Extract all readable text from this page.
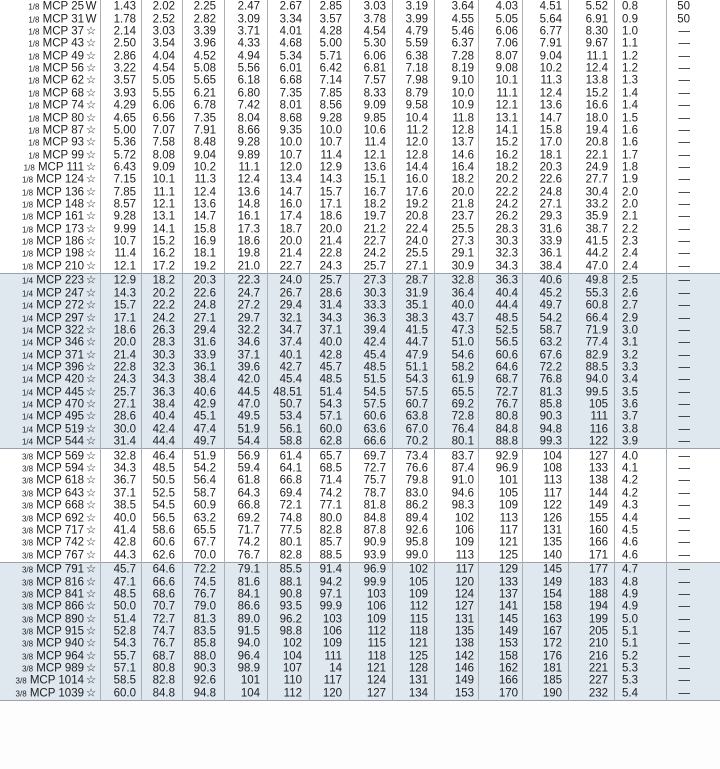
1/8 MCP 25 W 1.43 2.02 2.25 2.47 2.67 2.85 3.03 3.19 3.64 4.03 4.51 5.52 0.8	50
1/8 MCP 31 W 1.78 2.52 2.82 3.09 3.34 3.57 3.78 3.99 4.55 5.05 5.64 6.91 0.9	50
1/8 MCP 37 ☆ 2.14 3.03 3.39 3.71 4.01 4.28 4.54 4.79 5.46 6.06 6.77 8.30 1.0	—
1/8 MCP 43 ☆ 2.50 3.54 3.96 4.33 4.68 5.00 5.30 5.59 6.37 7.06 7.91 9.67 1.1	—
1/8 MCP 49 ☆ 2.86 4.04 4.52 4.94 5.34 5.71 6.06 6.38 7.28 8.07 9.04 11.1 1.2	—
1/8 MCP 56 ☆ 3.22 4.54 5.08 5.56 6.01 6.42 6.81 7.18 8.19 9.08 10.2 12.4 1.2	—
1/8 MCP 62 ☆ 3.57 5.05 5.65 6.18 6.68 7.14 7.57 7.98 9.10 10.1 11.3 13.8 1.3	—
1/8 MCP 68 ☆ 3.93 5.55 6.21 6.80 7.35 7.85 8.33 8.79 10.0 11.1 12.4 15.2 1.4	—
1/8 MCP 74 ☆ 4.29 6.06 6.78 7.42 8.01 8.56 9.09 9.58 10.9 12.1 13.6 16.6 1.4	—
1/8 MCP 80 ☆ 4.65 6.56 7.35 8.04 8.68 9.28 9.85 10.4 11.8 13.1 14.7 18.0 1.5	—
1/8 MCP 87 ☆ 5.00 7.07 7.91 8.66 9.35 10.0 10.6 11.2 12.8 14.1 15.8 19.4 1.6	—
1/8 MCP 93 ☆ 5.36 7.58 8.48 9.28 10.0 10.7 11.4 12.0 13.7 15.2 17.0 20.8 1.6	—
1/8 MCP 99 ☆ 5.72 8.08 9.04 9.89 10.7 11.4 12.1 12.8 14.6 16.2 18.1 22.1 1.7	—
1/8 MCP 111 ☆ 6.43 9.09 10.2 11.1 12.0 12.9 13.6 14.4 16.4 18.2 20.3 24.9 1.8	—
1/8 MCP 124 ☆ 7.15 10.1 11.3 12.4 13.4 14.3 15.1 16.0 18.2 20.2 22.6 27.7 1.9	—
1/8 MCP 136 ☆ 7.85 11.1 12.4 13.6 14.7 15.7 16.7 17.6 20.0 22.2 24.8 30.4 2.0	—
1/8 MCP 148 ☆ 8.57 12.1 13.6 14.8 16.0 17.1 18.2 19.2 21.8 24.2 27.1 33.2 2.0	—
1/8 MCP 161 ☆ 9.28 13.1 14.7 16.1 17.4 18.6 19.7 20.8 23.7 26.2 29.3 35.9 2.1	—
1/8 MCP 173 ☆ 9.99 14.1 15.8 17.3 18.7 20.0 21.2 22.4 25.5 28.3 31.6 38.7 2.2	—
1/8 MCP 186 ☆ 10.7 15.2 16.9 18.6 20.0 21.4 22.7 24.0 27.3 30.3 33.9 41.5 2.3	—
1/8 MCP 198 ☆ 11.4 16.2 18.1 19.8 21.4 22.8 24.2 25.5 29.1 32.3 36.1 44.2 2.4	—
1/8 MCP 210 ☆ 12.1 17.2 19.2 21.0 22.7 24.3 25.7 27.1 30.9 34.3 38.4 47.0 2.4	—
1/4 MCP 223 ☆ 12.9 18.2 20.3 22.3 24.0 25.7 27.3 28.7 32.8 36.3 40.6 49.8 2.5	—
1/4 MCP 247 ☆ 14.3 20.2 22.6 24.7 26.7 28.6 30.3 31.9 36.4 40.4 45.2 55.3 2.6	—
1/4 MCP 272 ☆ 15.7 22.2 24.8 27.2 29.4 31.4 33.3 35.1 40.0 44.4 49.7 60.8 2.7	—
1/4 MCP 297 ☆ 17.1 24.2 27.1 29.7 32.1 34.3 36.3 38.3 43.7 48.5 54.2 66.4 2.9	—
1/4 MCP 322 ☆ 18.6 26.3 29.4 32.2 34.7 37.1 39.4 41.5 47.3 52.5 58.7 71.9 3.0	—
1/4 MCP 346 ☆ 20.0 28.3 31.6 34.6 37.4 40.0 42.4 44.7 51.0 56.5 63.2 77.4 3.1	—
1/4 MCP 371 ☆ 21.4 30.3 33.9 37.1 40.1 42.8 45.4 47.9 54.6 60.6 67.6 82.9 3.2	—
1/4 MCP 396 ☆ 22.8 32.3 36.1 39.6 42.7 45.7 48.5 51.1 58.2 64.6 72.2 88.5 3.3	—
1/4 MCP 420 ☆ 24.3 34.3 38.4 42.0 45.4 48.5 51.5 54.3 61.9 68.7 76.8 94.0 3.4	—
1/4 MCP 445 ☆ 25.7 36.3 40.6 44.5 48.51 51.4 54.5 57.5 65.5 72.7 81.3 99.5 3.5	—
1/4 MCP 470 ☆ 27.1 38.4 42.9 47.0 50.7 54.3 57.5 60.7 69.2 76.7 85.8 105 3.6	—
1/4 MCP 495 ☆ 28.6 40.4 45.1 49.5 53.4 57.1 60.6 63.8 72.8 80.8 90.3 111 3.7	—
1/4 MCP 519 ☆ 30.0 42.4 47.4 51.9 56.1 60.0 63.6 67.0 76.4 84.8 94.8 116 3.8	—
1/4 MCP 544 ☆ 31.4 44.4 49.7 54.4 58.8 62.8 66.6 70.2 80.1 88.8 99.3 122 3.9	—
3/8 MCP 569 ☆ 32.8 46.4 51.9 56.9 61.4 65.7 69.7 73.4 83.7 92.9 104 127 4.0	—
3/8 MCP 594 ☆ 34.3 48.5 54.2 59.4 64.1 68.5 72.7 76.6 87.4 96.9 108 133 4.1	—
3/8 MCP 618 ☆ 36.7 50.5 56.4 61.8 66.8 71.4 75.7 79.8 91.0 101 113 138 4.2	—
3/8 MCP 643 ☆ 37.1 52.5 58.7 64.3 69.4 74.2 78.7 83.0 94.6 105 117 144 4.2	—
3/8 MCP 668 ☆ 38.5 54.5 60.9 66.8 72.1 77.1 81.8 86.2 98.3 109 122 149 4.3	—
3/8 MCP 692 ☆ 40.0 56.5 63.2 69.2 74.8 80.0 84.8 89.4 102 113 126 155 4.4	—
3/8 MCP 717 ☆ 41.4 58.6 65.5 71.7 77.5 82.8 87.8 92.6 106 117 131 160 4.5	—
3/8 MCP 742 ☆ 42.8 60.6 67.7 74.2 80.1 85.7 90.9 95.8 109 121 135 166 4.6	—
3/8 MCP 767 ☆ 44.3 62.6 70.0 76.7 82.8 88.5 93.9 99.0 113 125 140 171 4.6	—
3/8 MCP 791 ☆ 45.7 64.6 72.2 79.1 85.5 91.4 96.9 102 117 129 145 177 4.7	—
3/8 MCP 816 ☆ 47.1 66.6 74.5 81.6 88.1 94.2 99.9 105 120 133 149 183 4.8	—
3/8 MCP 841 ☆ 48.5 68.6 76.7 84.1 90.8 97.1 103 109 124 137 154 188 4.9	—
3/8 MCP 866 ☆ 50.0 70.7 79.0 86.6 93.5 99.9 106 112 127 141 158 194 4.9	—
3/8 MCP 890 ☆ 51.4 72.7 81.3 89.0 96.2 103 109 115 131 145 163 199 5.0	—
3/8 MCP 915 ☆ 52.8 74.7 83.5 91.5 98.8 106 112 118 135 149 167 205 5.1	—
3/8 MCP 940 ☆ 54.3 76.7 85.8 94.0 102 109 115 121 138 153 172 210 5.1	—
3/8 MCP 964 ☆ 55.7 68.7 88.0 96.4 104 111 118 125 142 158 176 216 5.2	—
3/8 MCP 989 ☆ 57.1 80.8 90.3 98.9 107 14 121 128 146 162 181 221 5.3	—
3/8 MCP 1014 ☆ 58.5 82.8 92.6 101 110 117 124 131 149 166 185 227 5.3	—
3/8 MCP 1039 ☆ 60.0 84.8 94.8 104 112 120 127 134 153 170 190 232 5.4	—
